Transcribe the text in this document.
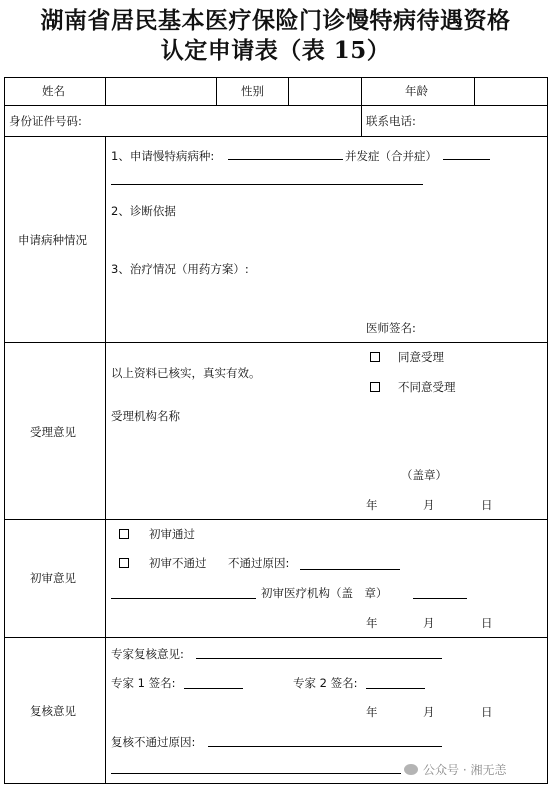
湖南省居民基本医疗保险门诊慢特病待遇资格
认定申请表（表 15）
姓名	性别	年龄
身份证件号码:	联系电话:
申请病种情况
1、申请慢特病病种:	并发症（合并症）
2、诊断依据
3、治疗情况（用药方案）:
医师签名:
受理意见
以上资料已核实，真实有效。
受理机构名称
同意受理
不同意受理
（盖章）
年	月	日
初审意见
初审通过
初审不通过 不通过原因:
初审医疗机构（盖　章）
年	月	日
复核意见
专家复核意见:
专家 1 签名:	专家 2 签名:
年	月	日
复核不通过原因:
公众号 · 湘无恙
